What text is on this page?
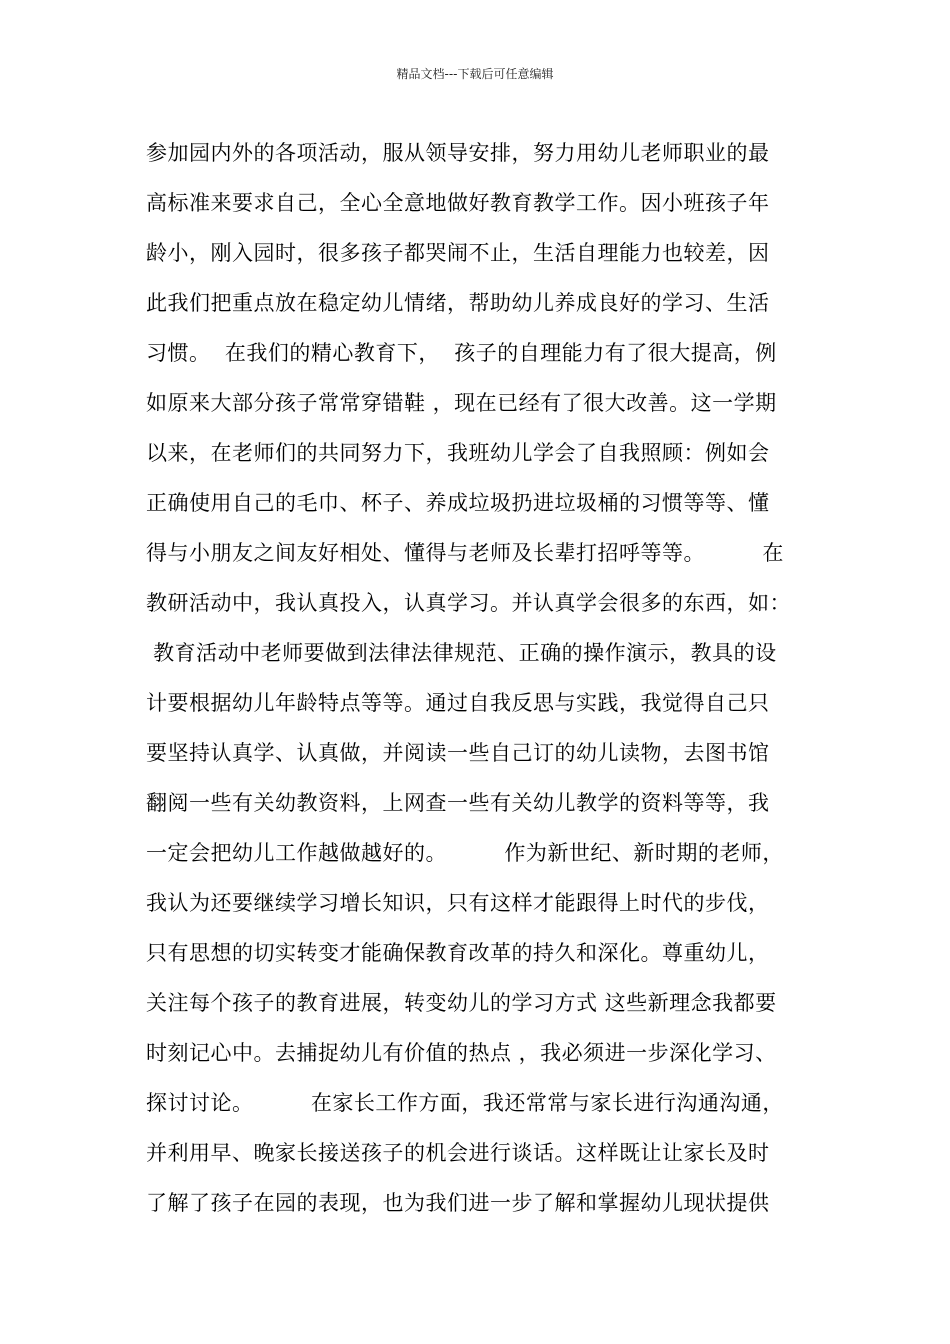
精品文档---下载后可任意编辑
参加园内外的各项活动，服从领导安排，努力用幼儿老师职业的最
高标准来要求自己，全心全意地做好教育教学工作。因小班孩子年
龄小，刚入园时，很多孩子都哭闹不止，生活自理能力也较差，因
此我们把重点放在稳定幼儿情绪，帮助幼儿养成良好的学习、生活
习惯。  在我们的精心教育下，  孩子的自理能力有了很大提高，例
如原来大部分孩子常常穿错鞋 ，现在已经有了很大改善。这一学期
以来，在老师们的共同努力下，我班幼儿学会了自我照顾：例如会
正确使用自己的毛巾、杯子、养成垃圾扔进垃圾桶的习惯等等、懂
得与小朋友之间友好相处、懂得与老师及长辈打招呼等等。        在
教研活动中，我认真投入，认真学习。并认真学会很多的东西，如：
教育活动中老师要做到法律法律规范、正确的操作演示，教具的设
计要根据幼儿年龄特点等等。通过自我反思与实践，我觉得自己只
要坚持认真学、认真做，并阅读一些自己订的幼儿读物，去图书馆
翻阅一些有关幼教资料，上网查一些有关幼儿教学的资料等等，我
一定会把幼儿工作越做越好的。        作为新世纪、新时期的老师，
我认为还要继续学习增长知识，只有这样才能跟得上时代的步伐，
只有思想的切实转变才能确保教育改革的持久和深化。尊重幼儿，
关注每个孩子的教育进展，转变幼儿的学习方式 这些新理念我都要
时刻记心中。去捕捉幼儿有价值的热点 ，我必须进一步深化学习、
探讨讨论。        在家长工作方面，我还常常与家长进行沟通沟通，
并利用早、晚家长接送孩子的机会进行谈话。这样既让让家长及时
了解了孩子在园的表现，也为我们进一步了解和掌握幼儿现状提供
